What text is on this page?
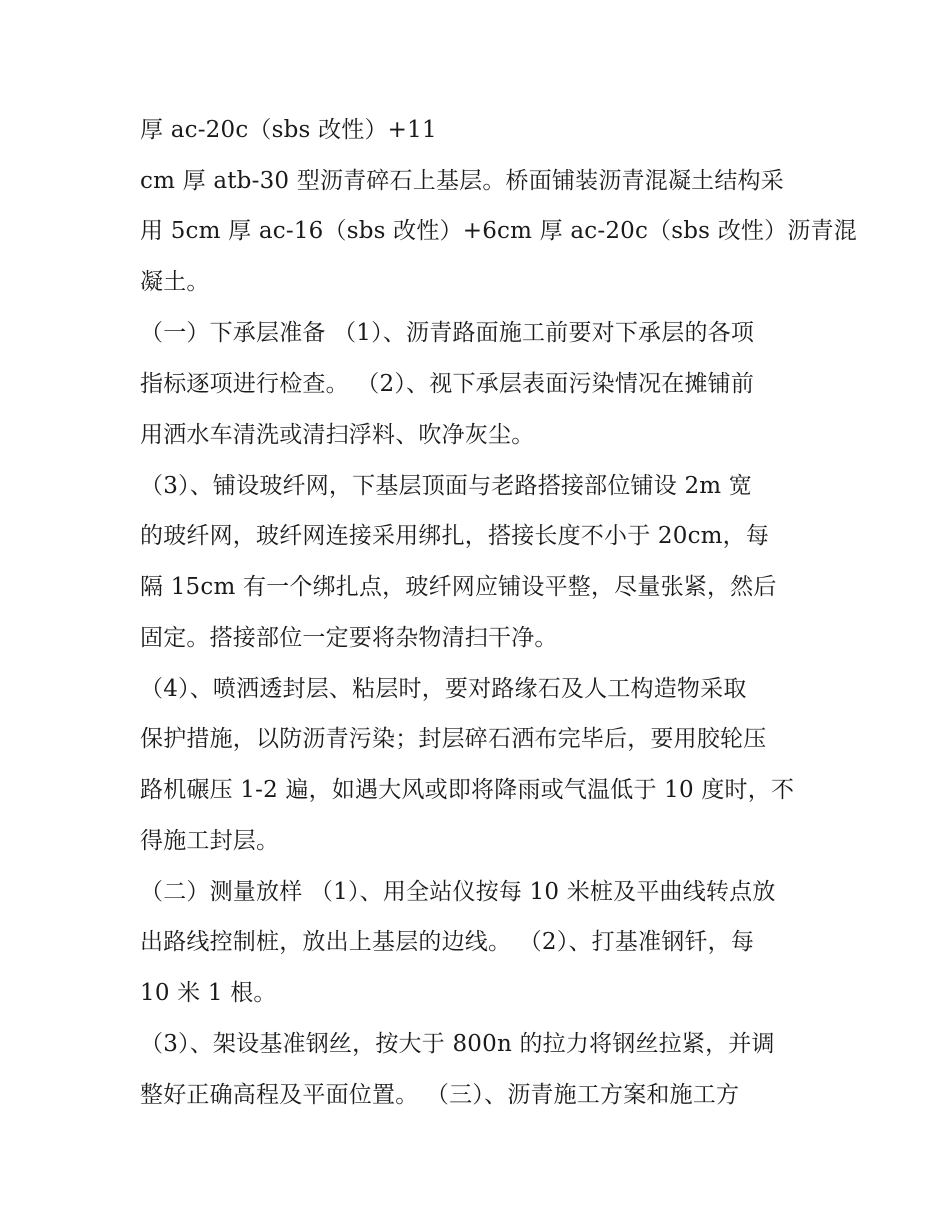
厚 ac-20c（sbs 改性）+11
cm 厚 atb-30 型沥青碎石上基层。桥面铺装沥青混凝土结构采
用 5cm 厚 ac-16（sbs 改性）+6cm 厚 ac-20c（sbs 改性）沥青混
凝土。
（一）下承层准备 （1）、沥青路面施工前要对下承层的各项
指标逐项进行检查。 （2）、视下承层表面污染情况在摊铺前
用洒水车清洗或清扫浮料、吹净灰尘。
（3）、铺设玻纤网，下基层顶面与老路搭接部位铺设 2m 宽
的玻纤网，玻纤网连接采用绑扎，搭接长度不小于 20cm，每
隔 15cm 有一个绑扎点，玻纤网应铺设平整，尽量张紧，然后
固定。搭接部位一定要将杂物清扫干净。
（4）、喷洒透封层、粘层时，要对路缘石及人工构造物采取
保护措施，以防沥青污染；封层碎石洒布完毕后，要用胶轮压
路机碾压 1-2 遍，如遇大风或即将降雨或气温低于 10 度时，不
得施工封层。
（二）测量放样 （1）、用全站仪按每 10 米桩及平曲线转点放
出路线控制桩，放出上基层的边线。 （2）、打基准钢钎，每
10 米 1 根。
（3）、架设基准钢丝，按大于 800n 的拉力将钢丝拉紧，并调
整好正确高程及平面位置。 （三）、沥青施工方案和施工方
